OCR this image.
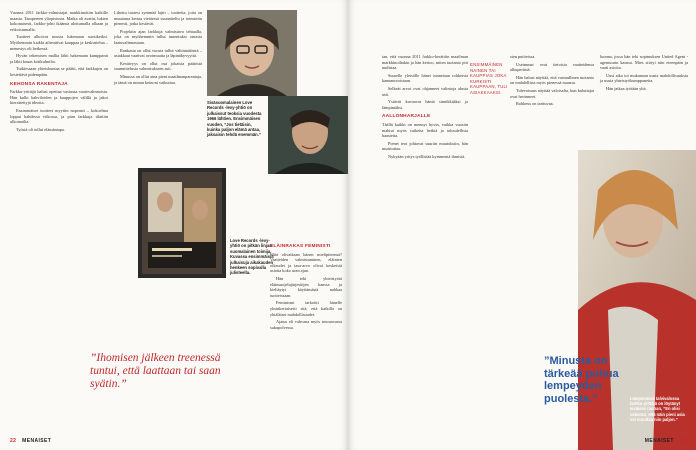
Vuonna 2011 farkko-valmistajat markkinoitiin kaikille maasta. Tampereen yliopistosta. Matka oli avattu, lukien kokonaisesti, farkko-johti ikäänsä ulottumalla olkaan ja erikoistumalla.

Tuotteet alkoivat nousta lukemaan suosikeiksi. Myöhemmin kaikki aiheuttivat kauppaa ja keskustelua – menestys oli hetkessä.

Hyvän tekemisen mallia lähti hakemaan kumppanit ja lähti kauas kotikulmilta.

Tutkiessaan yhteiskuntaa se päätti, että farkkujen on kestettävä pidempään.

KEHONSA RAKENTAJA

Farkku-yrittäjä halusi opettaa vastuuta vaatevalinnoista. Hän kulki kahviloiden ja kauppojen välillä ja jakoi kierrätettyjä ideoita.

Ensimmäiset tuotteet myytiin nopeasti – kokoelma loppui kahdessa viikossa, ja pian farkkuja tilattiin ulkomailta.

Työstä oli tullut elämäntapa.

Lihottu tuotesi syntmää lajtti – tuotteita, joita on muutama kertaa vietäessä suunniteltu ja toteutettu pienesti, jotka kestävät.

Projektin ajan farkkuja valmistava tehtaalla, joka on myöhemmin tullut tunnetuksi omasta laatuvalinnastaan.

Rankasta on ollut vuosia tullut välttämätöntä – asiakkaat vaativat avoimuutta ja läpinäkyvyyttä.

Kestävyys on ollut osa jokaista päätöstä suunnittelusta valmistukseen asti.

Minussa on ollut aina pieni maailmanparantaja, ja tämä on minun keinoni vaikuttaa.

Sisäsuomalainen Love Records -levy-yhtiö on julkaissut teoksia vuodesta 1966 lähtien. Ensimmäisen vuoden, ”Jos tietäisin, kuinka paljon elämä antaa, jaksaisin tehdä enemmän.”
Love Records -levy-yhtiö on pitkän linjan suomalainen toimija. Kuvassa ensimmäisiä julkaisuja aikakauden henkeen sopivalla julisteella.

ELÄINRAKAS FEMINISTI

Mitä olivatkaan hänen mielipiteensä? Vaatteiden valmistaminen, eläinten oikeudet ja tasa-arvo olivat keskeisiä asioita koko uran ajan.

Hän teki yhteistyötä eläinsuojelujärjestöjen kanssa ja kieltäytyi käyttämästä nahkaa tuotteissaan.

Feminismi tarkoitti hänelle yksinkertaisesti sitä, että kaikilla on yhtäläiset mahdollisuudet.

Ajatus eli vahvana myös seuraavassa sukupolvessa.

”Ihomisen jälkeen treenessä tuntui, että laattaan tai saan syätin.”
22 MENAISET

tan, että vuonna 2011 farkko-kerättiin maailman markkinoiltakin ja hän kertoo, miten tuotanto piti uudistaa.

Suurelle yleisölle hänet tunnetaan rohkeista kannanotoistaan.

Selkeät arvot ovat ohjanneet valintoja alusta asti.

Ystävät kuvaavat häntä sinnikkääksi ja lämpimäksi.

AALLONHARJALLE

Täällä kaikki on mennyt hyvin, vaikka vuosiin mahtui myös vaikeita hetkiä ja taloudellisia haasteita.

Pienet teot johtavat suuriin muutoksiin, hän muistuttaa.

Nykyään yritys työllistää kymmeniä ihmisiä.

sten puitteissa.

Useimmat ovat tietoisia vaatteidensa alkuperästä.

Hän halusi näyttää, että vastuullinen tuotanto on mahdollista myös pienessä maassa.

Tulevaisuus näyttää valoisalta, kun kuluttajat ovat heränneet.

Rohkeus on tarttuvaa.

luonna, jossa hän teki sopimuksen United Agent -agentuurin kanssa. Mies siirtyi niin eteenpäin ja vaati asioita.

Uusi aika toi mukanaan uusia mahdollisuuksia ja uusia yhteistyökumppaneita.

Hän jatkaa työtään yhä.

”Minusta on tärkeää puhua lempeyden puolesta.”
ENSIMMÄINEN NAINEN TAI KAUPPIAS JOKA KURKISTI KAUPPAAN, TULI ASIAKKAAKSI.
Lämpimässä talvivalossa farkku-yrittäjä on löytänyt sisäisen rauhan, ”En olisi uskonut, että näin pieni asia voi muuttaa niin paljon.”
MENAISET 23
